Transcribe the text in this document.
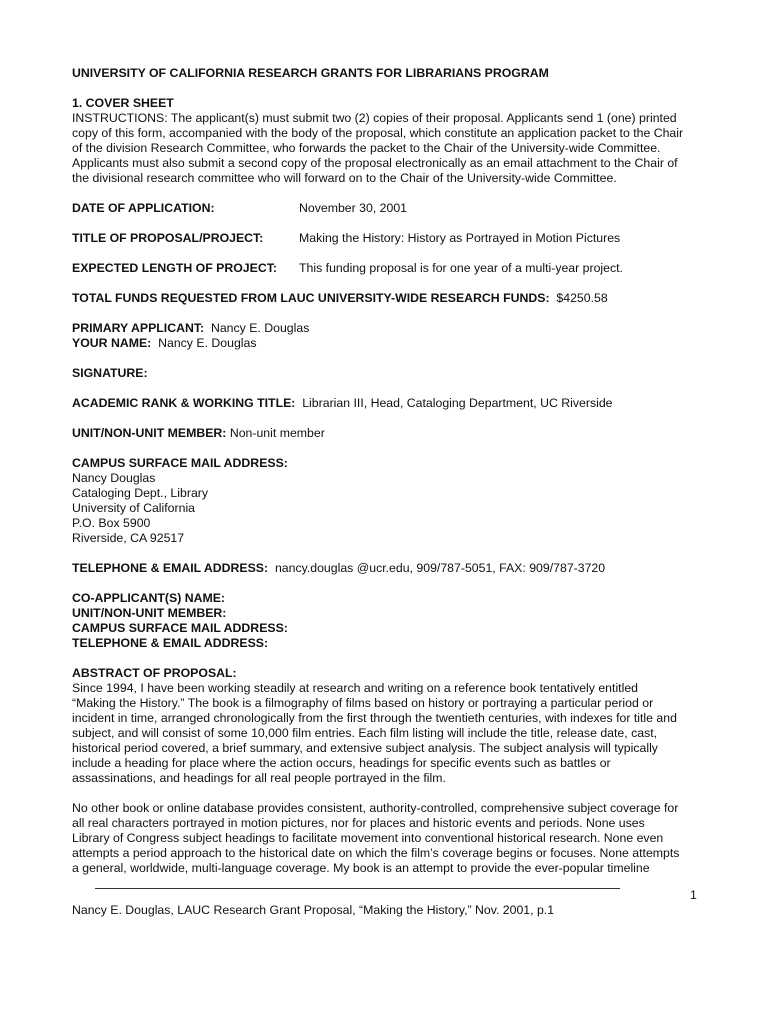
UNIVERSITY OF CALIFORNIA RESEARCH GRANTS FOR LIBRARIANS PROGRAM

1. COVER SHEET

INSTRUCTIONS: The applicant(s) must submit two (2) copies of their proposal. Applicants send 1 (one) printed

copy of this form, accompanied with the body of the proposal, which constitute an application packet to the Chair

of the division Research Committee, who forwards the packet to the Chair of the University-wide Committee.

Applicants must also submit a second copy of the proposal electronically as an email attachment to the Chair of

the divisional research committee who will forward on to the Chair of the University-wide Committee.

DATE OF APPLICATION:	November 30, 2001
TITLE OF PROPOSAL/PROJECT:	Making the History: History as Portrayed in Motion Pictures
EXPECTED LENGTH OF PROJECT:	This funding proposal is for one year of a multi-year project.

TOTAL FUNDS REQUESTED FROM LAUC UNIVERSITY-WIDE RESEARCH FUNDS: $4250.58

PRIMARY APPLICANT: Nancy E. Douglas

YOUR NAME: Nancy E. Douglas

SIGNATURE:

ACADEMIC RANK & WORKING TITLE: Librarian III, Head, Cataloging Department, UC Riverside

UNIT/NON-UNIT MEMBER: Non-unit member

CAMPUS SURFACE MAIL ADDRESS:

Nancy Douglas

Cataloging Dept., Library

University of California

P.O. Box 5900

Riverside, CA 92517

TELEPHONE & EMAIL ADDRESS: nancy.douglas @ucr.edu, 909/787-5051, FAX: 909/787-3720

CO-APPLICANT(S) NAME:

UNIT/NON-UNIT MEMBER:

CAMPUS SURFACE MAIL ADDRESS:

TELEPHONE & EMAIL ADDRESS:

ABSTRACT OF PROPOSAL:

Since 1994, I have been working steadily at research and writing on a reference book tentatively entitled

“Making the History.” The book is a filmography of films based on history or portraying a particular period or

incident in time, arranged chronologically from the first through the twentieth centuries, with indexes for title and

subject, and will consist of some 10,000 film entries. Each film listing will include the title, release date, cast,

historical period covered, a brief summary, and extensive subject analysis. The subject analysis will typically

include a heading for place where the action occurs, headings for specific events such as battles or

assassinations, and headings for all real people portrayed in the film.

No other book or online database provides consistent, authority-controlled, comprehensive subject coverage for

all real characters portrayed in motion pictures, nor for places and historic events and periods. None uses

Library of Congress subject headings to facilitate movement into conventional historical research. None even

attempts a period approach to the historical date on which the film’s coverage begins or focuses. None attempts

a general, worldwide, multi-language coverage. My book is an attempt to provide the ever-popular timeline

1
Nancy E. Douglas, LAUC Research Grant Proposal, “Making the History,” Nov. 2001, p.1
